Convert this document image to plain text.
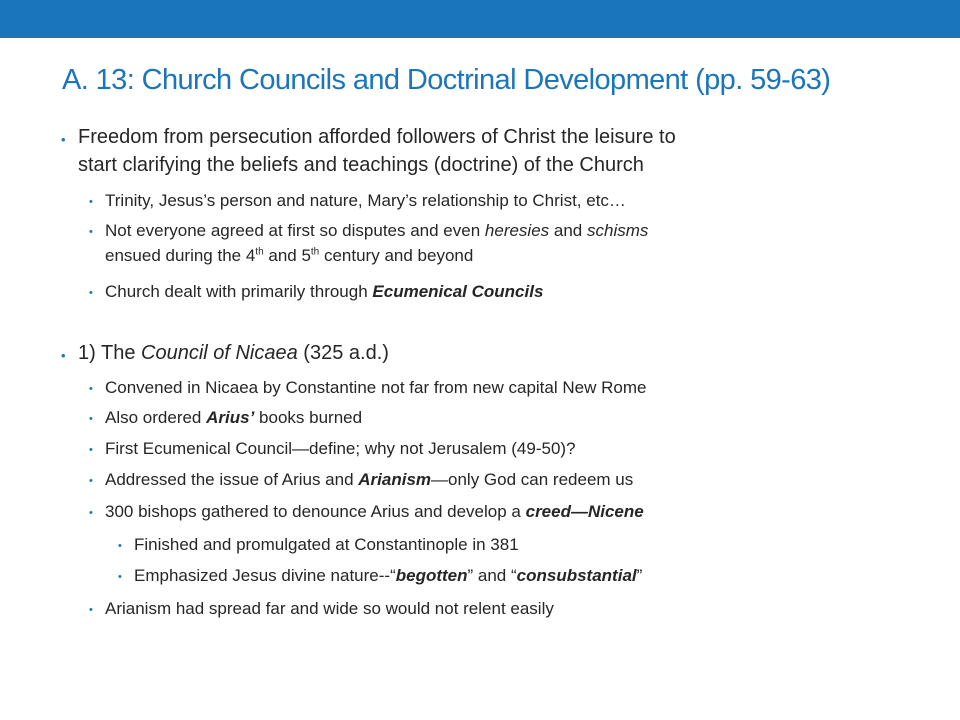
A. 13: Church Councils and Doctrinal Development (pp. 59-63)
• Freedom from persecution afforded followers of Christ the leisure to
start clarifying the beliefs and teachings (doctrine) of the Church
• Trinity, Jesus’s person and nature, Mary’s relationship to Christ, etc…
• Not everyone agreed at first so disputes and even heresies and schisms
ensued during the 4th and 5th century and beyond
• Church dealt with primarily through Ecumenical Councils
• 1) The Council of Nicaea (325 a.d.)
• Convened in Nicaea by Constantine not far from new capital New Rome
• Also ordered Arius’ books burned
• First Ecumenical Council—define; why not Jerusalem (49-50)?
• Addressed the issue of Arius and Arianism—only God can redeem us
• 300 bishops gathered to denounce Arius and develop a creed—Nicene
• Finished and promulgated at Constantinople in 381
• Emphasized Jesus divine nature--“begotten” and “consubstantial”
• Arianism had spread far and wide so would not relent easily
